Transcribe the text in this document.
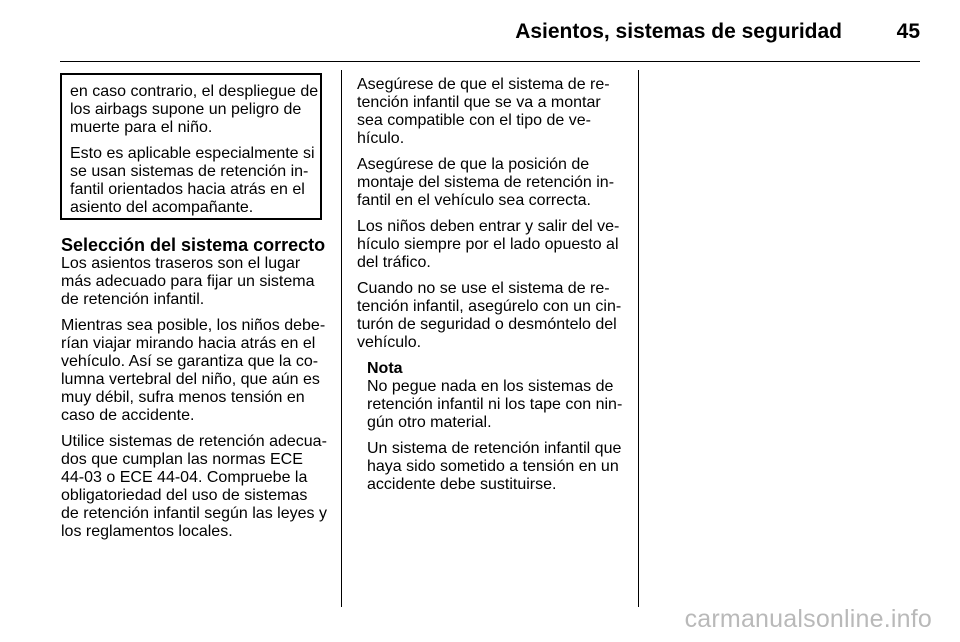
Asientos, sistemas de seguridad	45

en caso contrario, el despliegue de los airbags supone un peligro de muerte para el niño.

Esto es aplicable especialmente si se usan sistemas de retención infantil orientados hacia atrás en el asiento del acompañante.

Selección del sistema correcto

Los asientos traseros son el lugar más adecuado para fijar un sistema de retención infantil.

Mientras sea posible, los niños deberían viajar mirando hacia atrás en el vehículo. Así se garantiza que la columna vertebral del niño, que aún es muy débil, sufra menos tensión en caso de accidente.

Utilice sistemas de retención adecuados que cumplan las normas ECE 44-03 o ECE 44-04. Compruebe la obligatoriedad del uso de sistemas de retención infantil según las leyes y los reglamentos locales.

Asegúrese de que el sistema de retención infantil que se va a montar sea compatible con el tipo de vehículo.

Asegúrese de que la posición de montaje del sistema de retención infantil en el vehículo sea correcta.

Los niños deben entrar y salir del vehículo siempre por el lado opuesto al del tráfico.

Cuando no se use el sistema de retención infantil, asegúrelo con un cinturón de seguridad o desmóntelo del vehículo.

Nota

No pegue nada en los sistemas de retención infantil ni los tape con ningún otro material.

Un sistema de retención infantil que haya sido sometido a tensión en un accidente debe sustituirse.

carmanualsonline.info
